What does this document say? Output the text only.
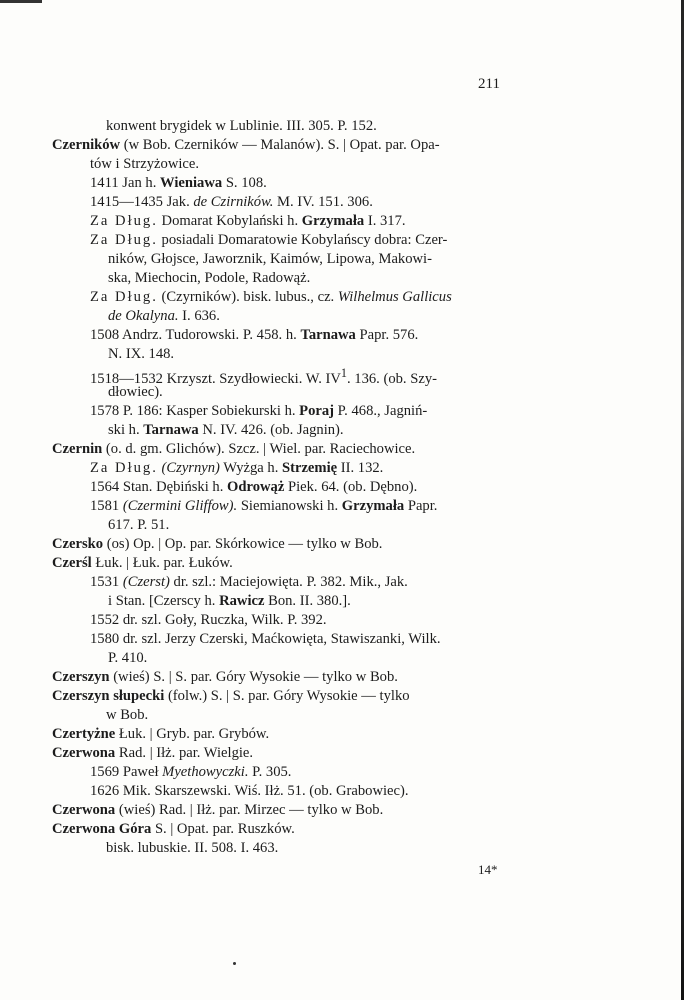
211
konwent brygidek w Lublinie. III. 305. P. 152.
Czerników (w Bob. Czerników — Malanów). S. | Opat. par. Opa-
tów i Strzyżowice.
1411 Jan h. Wieniawa S. 108.
1415—1435 Jak. de Czirników. M. IV. 151. 306.
Za Dług. Domarat Kobylański h. Grzymała I. 317.
Za Dług. posiadali Domaratowie Kobylańscy dobra: Czer-
ników, Głojsce, Jaworznik, Kaimów, Lipowa, Makowi-
ska, Miechocin, Podole, Radowąż.
Za Dług. (Czyrników). bisk. lubus., cz. Wilhelmus Gallicus
de Okalyna. I. 636.
1508 Andrz. Tudorowski. P. 458. h. Tarnawa Papr. 576.
N. IX. 148.
1518—1532 Krzyszt. Szydłowiecki. W. $IV^1$. 136. (ob. Szy-
dłowiec).
1578 P. 186: Kasper Sobiekurski h. Poraj P. 468., Jagniń-
ski h. Tarnawa N. IV. 426. (ob. Jagnin).
Czernin (o. d. gm. Glichów). Szcz. | Wiel. par. Raciechowice.
Za Dług. (Czyrnyn) Wyżga h. Strzemię II. 132.
1564 Stan. Dębiński h. Odrowąż Piek. 64. (ob. Dębno).
1581 (Czermini Gliffow). Siemianowski h. Grzymała Papr.
617. P. 51.
Czersko (os) Op. | Op. par. Skórkowice — tylko w Bob.
Czerśl Łuk. | Łuk. par. Łuków.
1531 (Czerst) dr. szl.: Maciejowięta. P. 382. Mik., Jak.
i Stan. [Czerscy h. Rawicz Bon. II. 380.].
1552 dr. szl. Goły, Ruczka, Wilk. P. 392.
1580 dr. szl. Jerzy Czerski, Maćkowięta, Stawiszanki, Wilk.
P. 410.
Czerszyn (wieś) S. | S. par. Góry Wysokie — tylko w Bob.
Czerszyn słupecki (folw.) S. | S. par. Góry Wysokie — tylko
w Bob.
Czertyżne Łuk. | Gryb. par. Grybów.
Czerwona Rad. | Iłż. par. Wielgie.
1569 Paweł Myethowyczki. P. 305.
1626 Mik. Skarszewski. Wiś. Iłż. 51. (ob. Grabowiec).
Czerwona (wieś) Rad. | Iłż. par. Mirzec — tylko w Bob.
Czerwona Góra S. | Opat. par. Ruszków.
bisk. lubuskie. II. 508. I. 463.
14*
